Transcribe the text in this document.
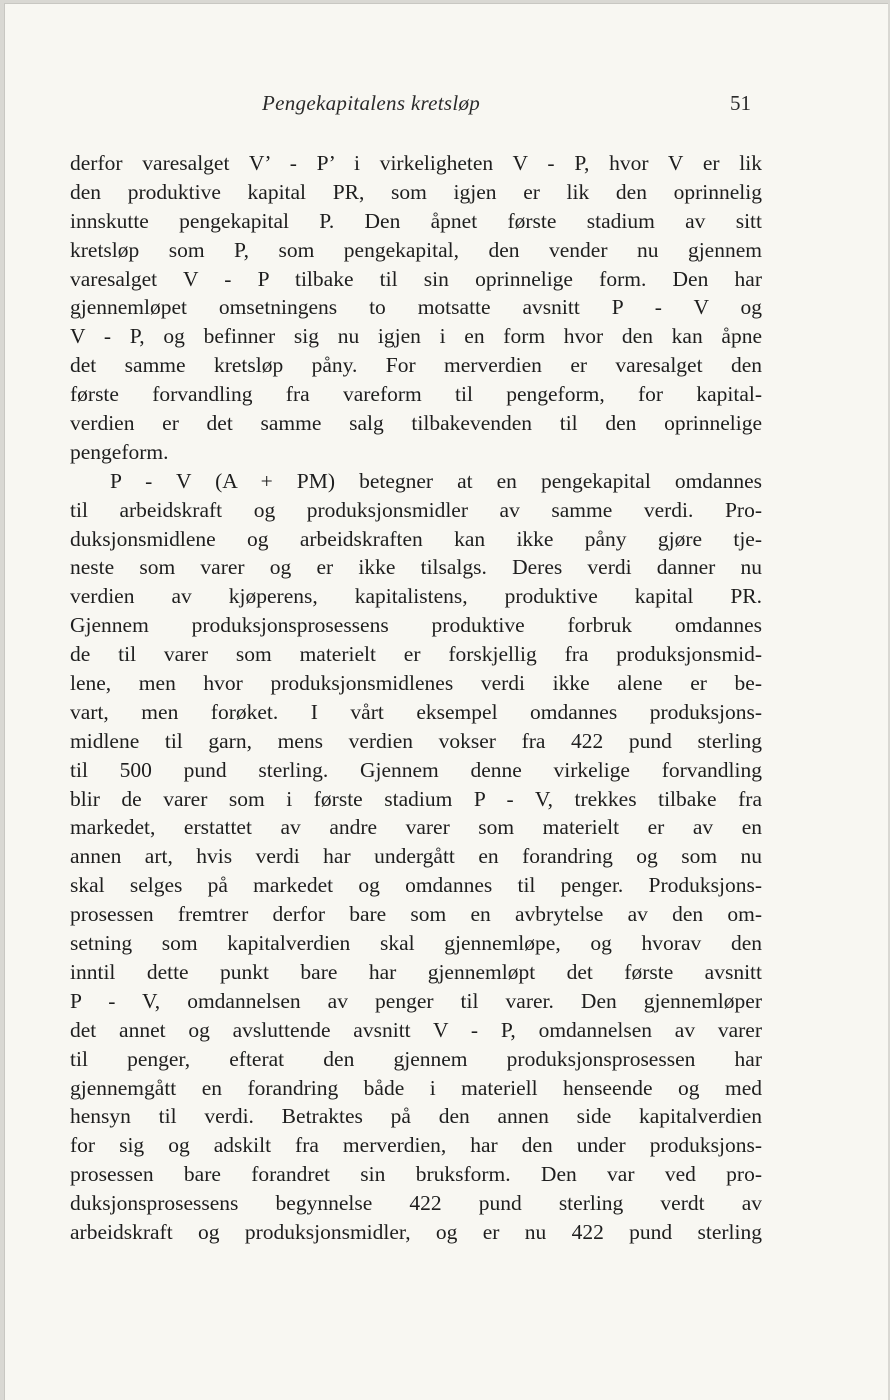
Pengekapitalens kretsløp	51
derfor varesalget V’ - P’ i virkeligheten V - P, hvor V er lik
den produktive kapital PR, som igjen er lik den oprinnelig
innskutte pengekapital P. Den åpnet første stadium av sitt
kretsløp som P, som pengekapital, den vender nu gjennem
varesalget V - P tilbake til sin oprinnelige form. Den har
gjennemløpet omsetningens to motsatte avsnitt P - V og
V - P, og befinner sig nu igjen i en form hvor den kan åpne
det samme kretsløp påny. For merverdien er varesalget den
første forvandling fra vareform til pengeform, for kapital-
verdien er det samme salg tilbakevenden til den oprinnelige
pengeform.
P - V (A + PM) betegner at en pengekapital omdannes
til arbeidskraft og produksjonsmidler av samme verdi. Pro-
duksjonsmidlene og arbeidskraften kan ikke påny gjøre tje-
neste som varer og er ikke tilsalgs. Deres verdi danner nu
verdien av kjøperens, kapitalistens, produktive kapital PR.
Gjennem produksjonsprosessens produktive forbruk omdannes
de til varer som materielt er forskjellig fra produksjonsmid-
lene, men hvor produksjonsmidlenes verdi ikke alene er be-
vart, men forøket. I vårt eksempel omdannes produksjons-
midlene til garn, mens verdien vokser fra 422 pund sterling
til 500 pund sterling. Gjennem denne virkelige forvandling
blir de varer som i første stadium P - V, trekkes tilbake fra
markedet, erstattet av andre varer som materielt er av en
annen art, hvis verdi har undergått en forandring og som nu
skal selges på markedet og omdannes til penger. Produksjons-
prosessen fremtrer derfor bare som en avbrytelse av den om-
setning som kapitalverdien skal gjennemløpe, og hvorav den
inntil dette punkt bare har gjennemløpt det første avsnitt
P - V, omdannelsen av penger til varer. Den gjennemløper
det annet og avsluttende avsnitt V - P, omdannelsen av varer
til penger, efterat den gjennem produksjonsprosessen har
gjennemgått en forandring både i materiell henseende og med
hensyn til verdi. Betraktes på den annen side kapitalverdien
for sig og adskilt fra merverdien, har den under produksjons-
prosessen bare forandret sin bruksform. Den var ved pro-
duksjonsprosessens begynnelse 422 pund sterling verdt av
arbeidskraft og produksjonsmidler, og er nu 422 pund sterling
